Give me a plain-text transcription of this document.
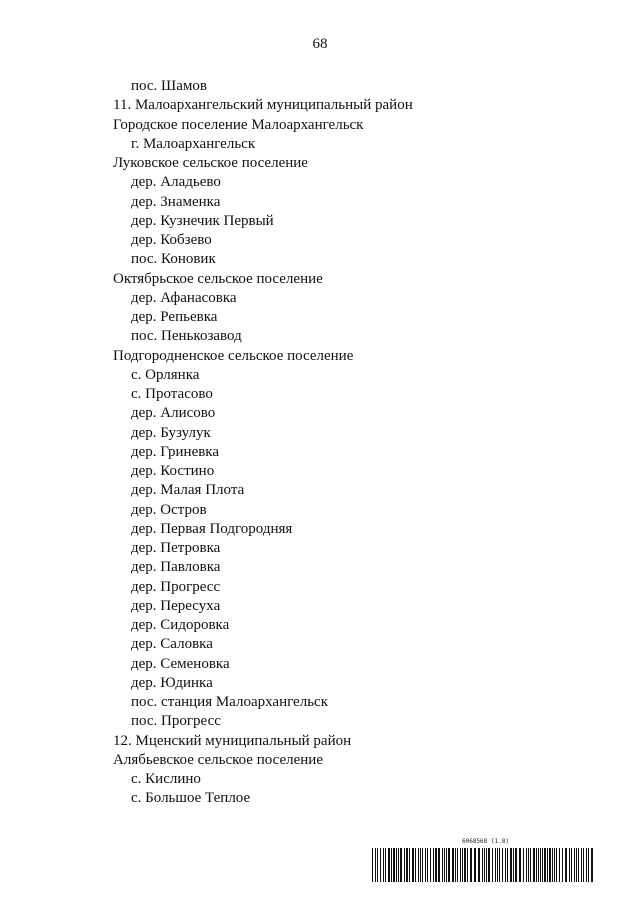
68
пос. Шамов
11. Малоархангельский муниципальный район
Городское поселение Малоархангельск
г. Малоархангельск
Луковское сельское поселение
дер. Аладьево
дер. Знаменка
дер. Кузнечик Первый
дер. Кобзево
пос. Коновик
Октябрьское сельское поселение
дер. Афанасовка
дер. Репьевка
пос. Пенькозавод
Подгородненское сельское поселение
с. Орлянка
с. Протасово
дер. Алисово
дер. Бузулук
дер. Гриневка
дер. Костино
дер. Малая Плота
дер. Остров
дер. Первая Подгородняя
дер. Петровка
дер. Павловка
дер. Прогресс
дер. Пересуха
дер. Сидоровка
дер. Саловка
дер. Семеновка
дер. Юдинка
пос. станция Малоархангельск
пос. Прогресс
12. Мценский муниципальный район
Алябьевское сельское поселение
с. Кислино
с. Большое Теплое
6068568 (1.8)
